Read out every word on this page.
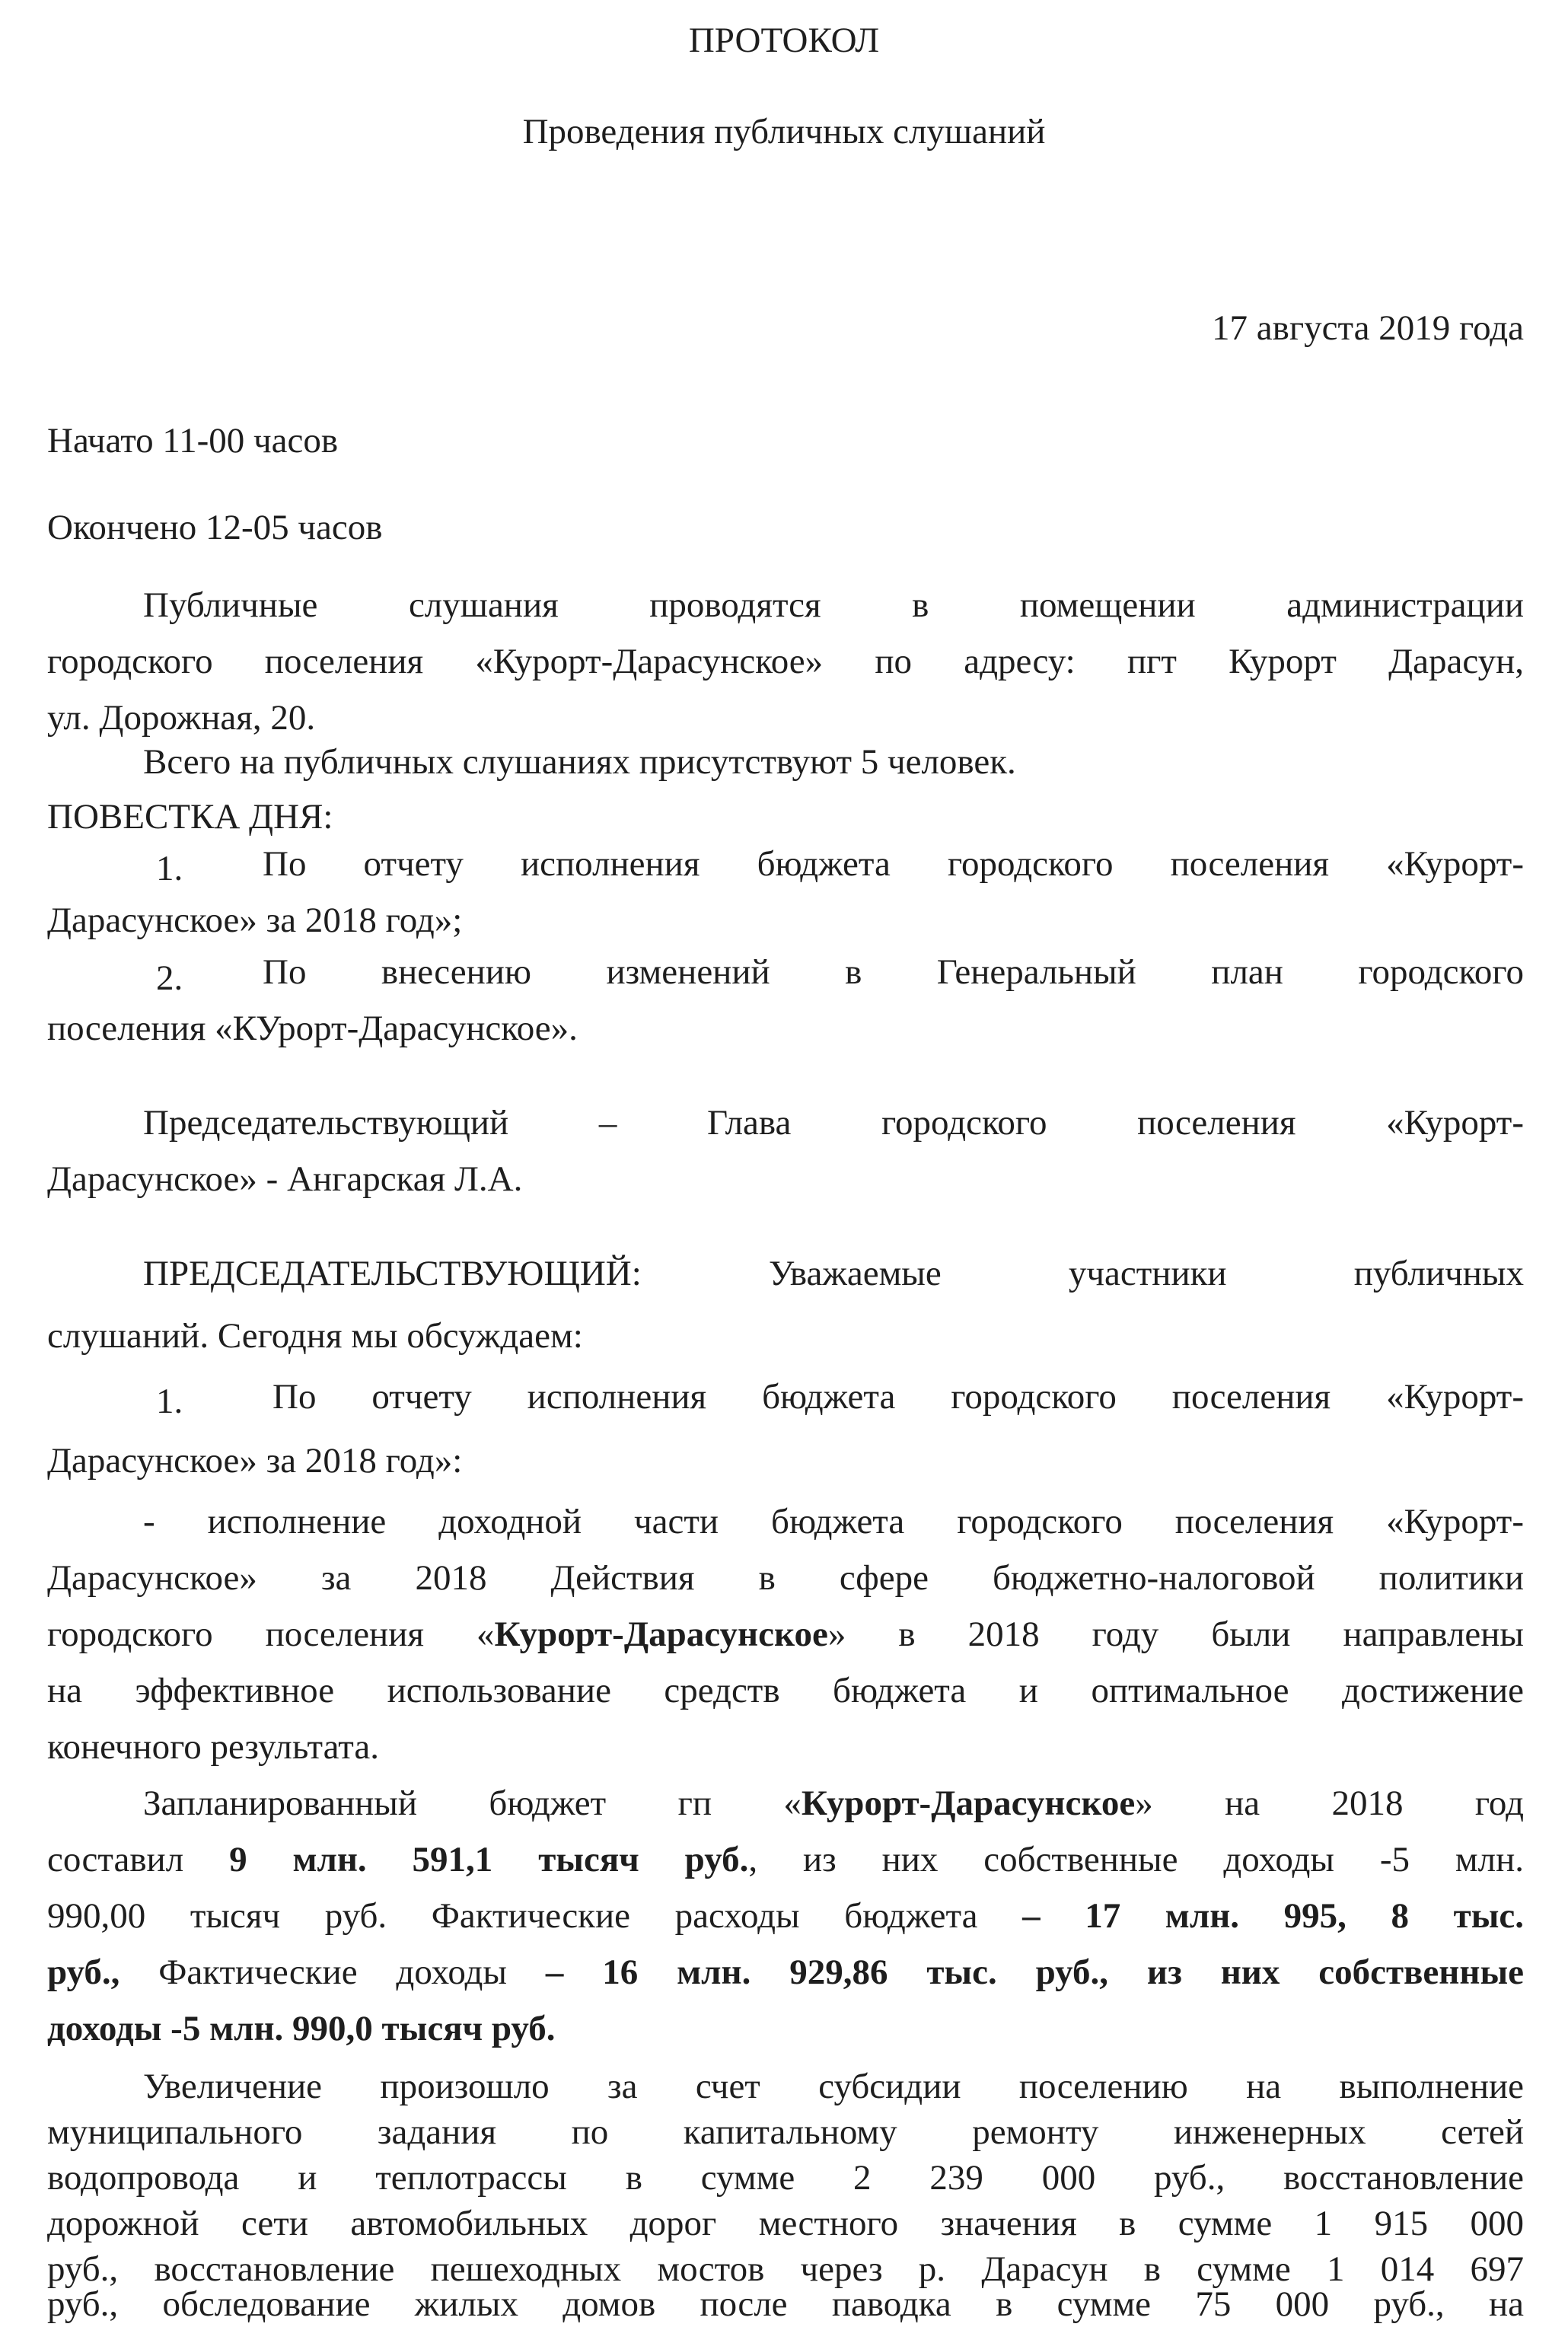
ПРОТОКОЛ
Проведения публичных слушаний
17 августа 2019 года
Начато 11-00 часов
Окончено 12-05 часов
Публичные слушания проводятся в помещении администрации
городского поселения «Курорт-Дарасунское» по адресу: пгт Курорт Дарасун,
ул. Дорожная, 20.
Всего на публичных слушаниях присутствуют 5 человек.
ПОВЕСТКА ДНЯ:
1.	По отчету исполнения бюджета городского поселения «Курорт-
Дарасунское» за 2018 год»;
2.	По внесению изменений в Генеральный план городского
поселения «КУрорт-Дарасунское».
Председательствующий – Глава городского поселения «Курорт-
Дарасунское» - Ангарская Л.А.
ПРЕДСЕДАТЕЛЬСТВУЮЩИЙ: Уважаемые участники публичных
слушаний. Сегодня мы обсуждаем:
1.	По отчету исполнения бюджета городского поселения «Курорт-
Дарасунское» за 2018 год»:
- исполнение доходной части бюджета городского поселения «Курорт-
Дарасунское» за 2018 Действия в сфере бюджетно-налоговой политики
городского поселения «Курорт-Дарасунское» в 2018 году были направлены
на эффективное использование средств бюджета и оптимальное достижение
конечного результата.
Запланированный бюджет гп «Курорт-Дарасунское» на 2018 год
составил 9 млн. 591,1 тысяч руб., из них собственные доходы -5 млн.
990,00 тысяч руб. Фактические расходы бюджета – 17 млн. 995, 8 тыс.
руб., Фактические доходы – 16 млн. 929,86 тыс. руб., из них собственные
доходы -5 млн. 990,0 тысяч руб.
Увеличение произошло за счет субсидии поселению на выполнение
муниципального задания по капитальному ремонту инженерных сетей
водопровода и теплотрассы в сумме 2 239 000 руб., восстановление
дорожной сети автомобильных дорог местного значения в сумме 1 915 000
руб., восстановление пешеходных мостов через р. Дарасун в сумме 1 014 697
руб., обследование жилых домов после паводка в сумме 75 000 руб., на
